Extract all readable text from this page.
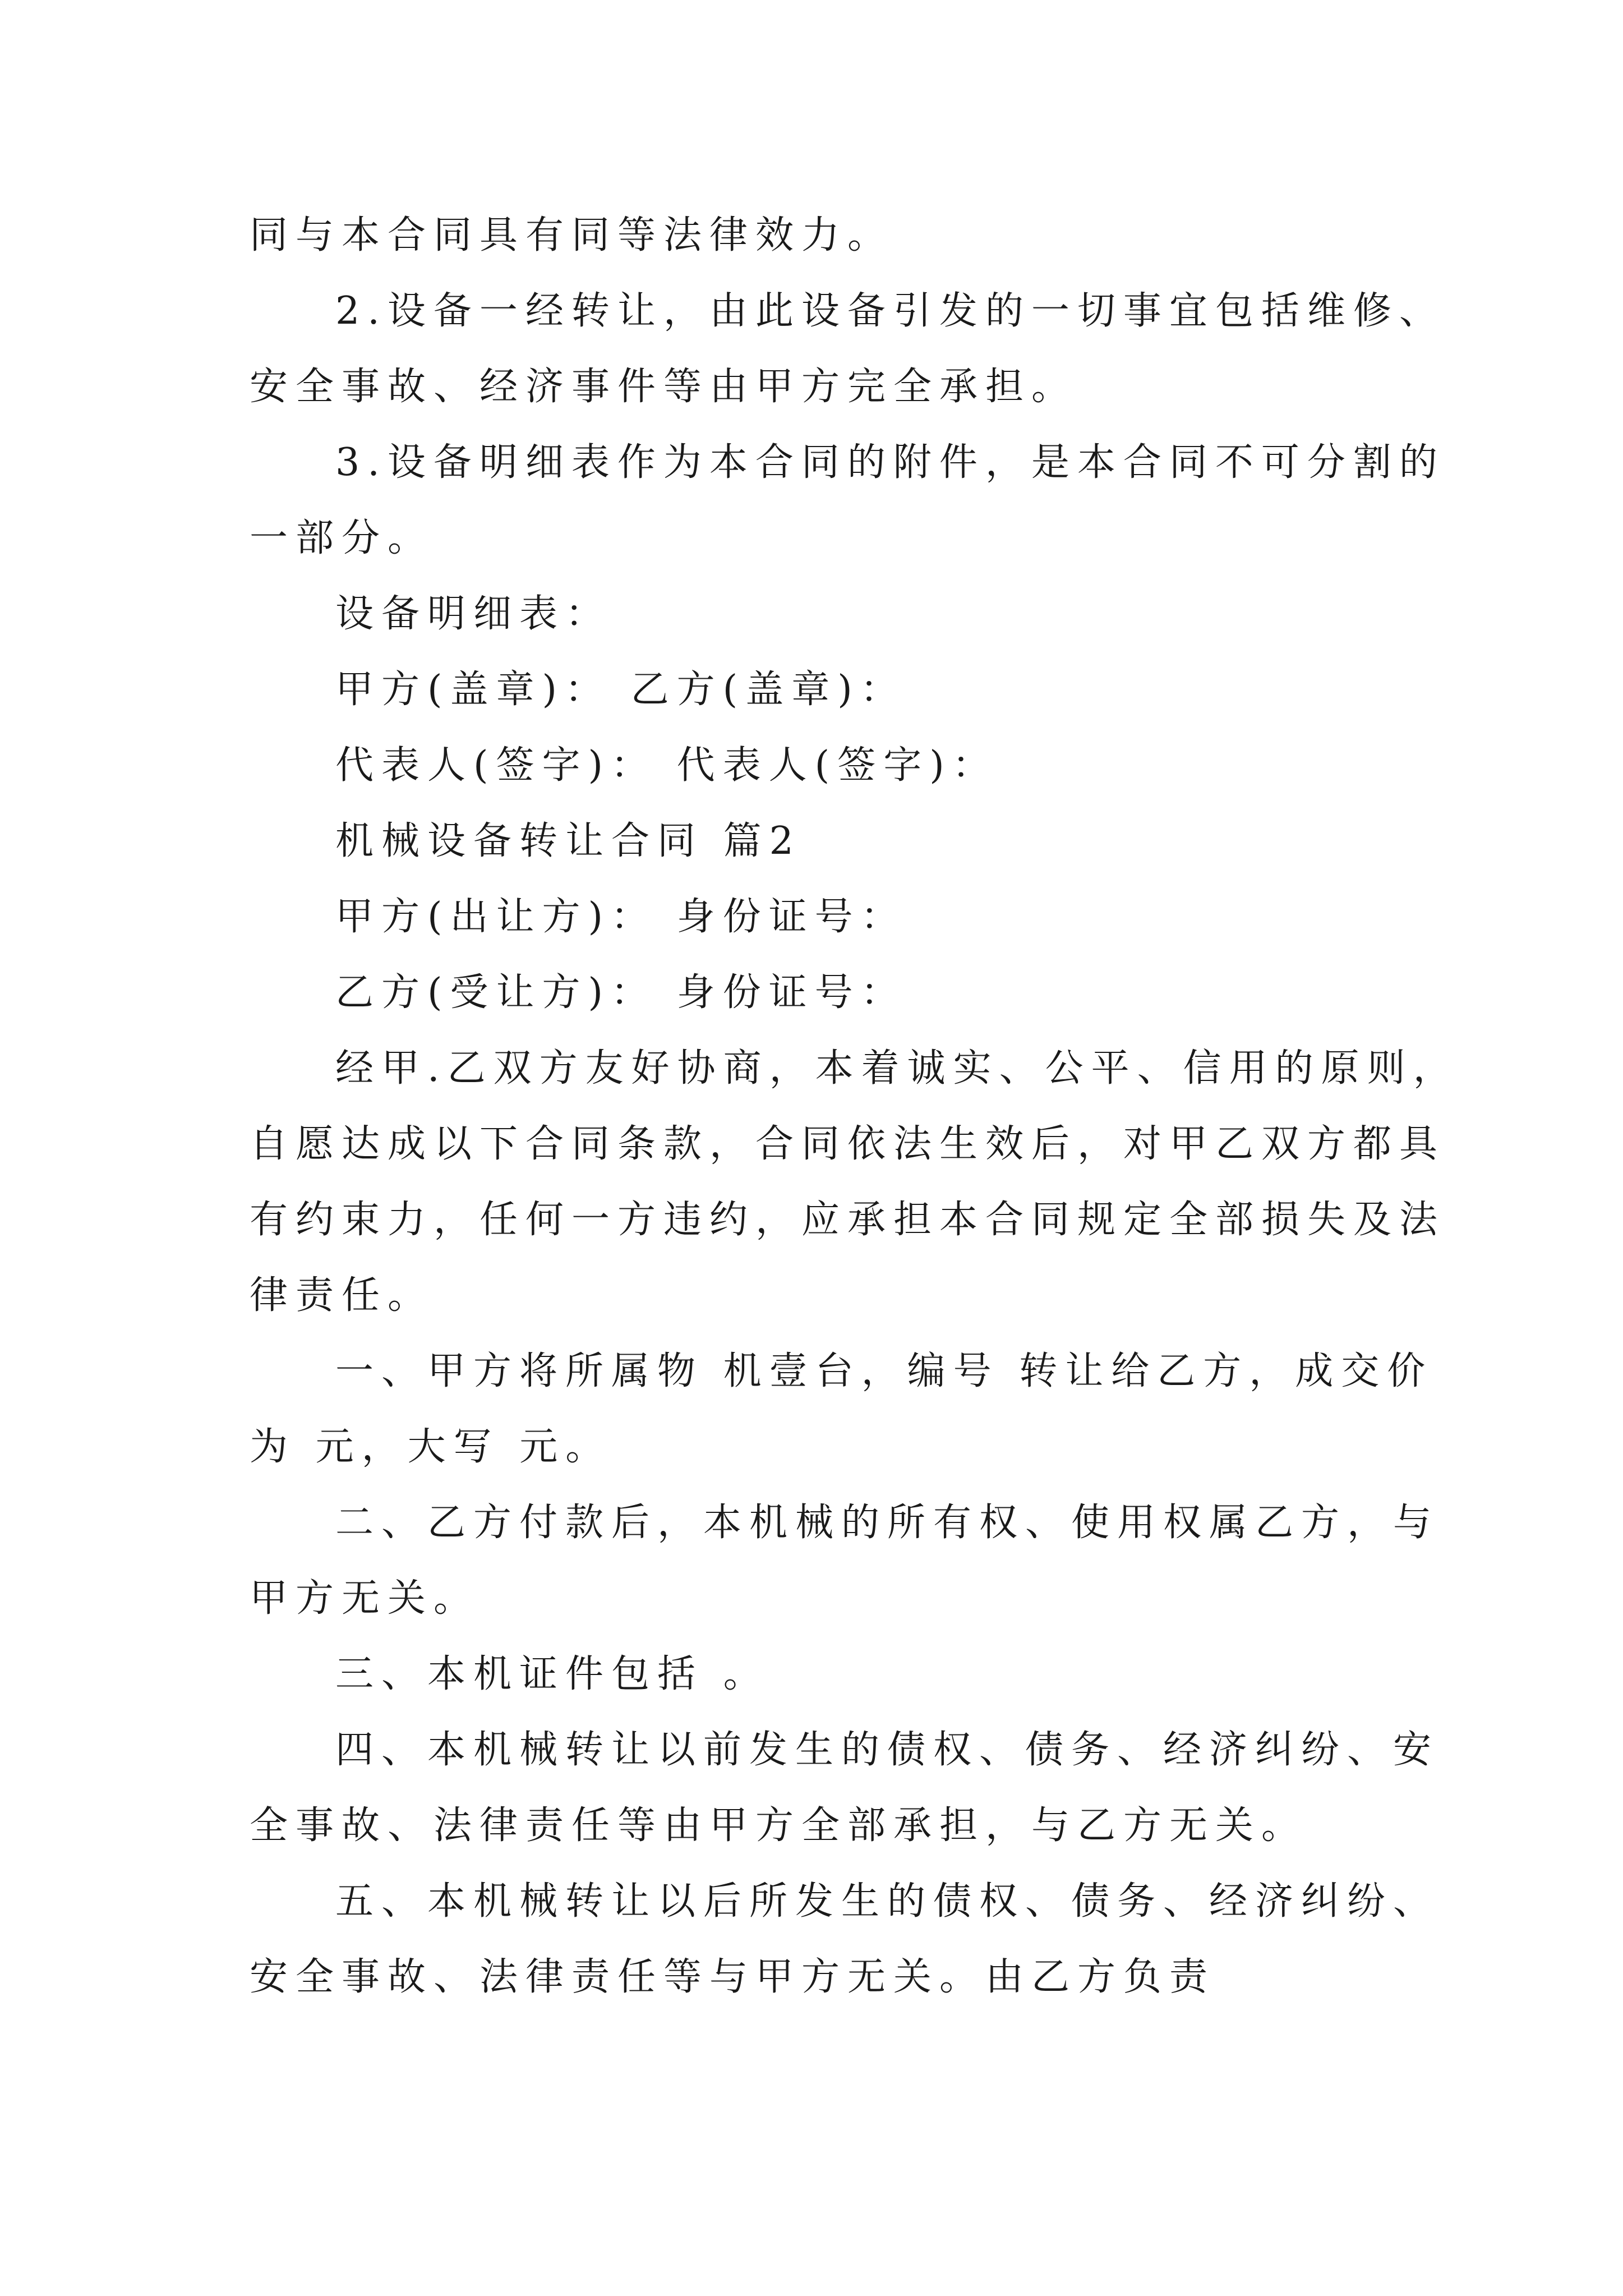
同与本合同具有同等法律效力。
2.设备一经转让，由此设备引发的一切事宜包括维修、
安全事故、经济事件等由甲方完全承担。
3.设备明细表作为本合同的附件，是本合同不可分割的
一部分。
设备明细表：
甲方(盖章)： 乙方(盖章)：
代表人(签字)： 代表人(签字)：
机械设备转让合同 篇2
甲方(出让方)： 身份证号：
乙方(受让方)： 身份证号：
经甲.乙双方友好协商，本着诚实、公平、信用的原则，
自愿达成以下合同条款，合同依法生效后，对甲乙双方都具
有约束力，任何一方违约，应承担本合同规定全部损失及法
律责任。
一、甲方将所属物 机壹台，编号 转让给乙方，成交价
为 元，大写 元。
二、乙方付款后，本机械的所有权、使用权属乙方，与
甲方无关。
三、本机证件包括 。
四、本机械转让以前发生的债权、债务、经济纠纷、安
全事故、法律责任等由甲方全部承担，与乙方无关。
五、本机械转让以后所发生的债权、债务、经济纠纷、
安全事故、法律责任等与甲方无关。由乙方负责
